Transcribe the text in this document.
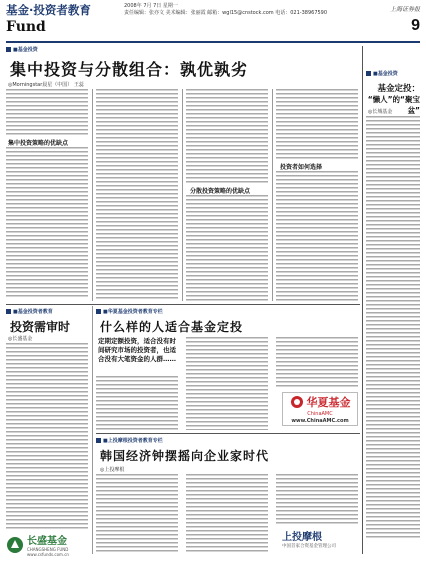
基金·投资者教育	2008年 7月 7日 星期一
责任编辑：张亦文 美术编辑：张丽霞 邮箱：wgl15@cnstock.com 电话：021-38967590	上海证券报
Fund	9
■基金投资
集中投资与分散组合：孰优孰劣
◎Morningstar晨星（中国） 王蕊
集中投资策略的优缺点
分散投资策略的优缺点
投资者如何选择
■基金投资
基金定投：
“懒人”的“聚宝盆”
◎长城基金
■基金投资者教育
投资需审时
◎长盛基金
长盛基金
CHANGSHENG FUND
www.csfunds.com.cn
■华夏基金投资者教育专栏
什么样的人适合基金定投
定期定额投资，适合没有时间研究市场的投资者，也适合没有大笔资金的人群……
华夏基金
ChinaAMC
www.ChinaAMC.com
■上投摩根投资者教育专栏
韩国经济钟摆摇向企业家时代
◎上投摩根
上投摩根
中国首家合资基金管理公司
